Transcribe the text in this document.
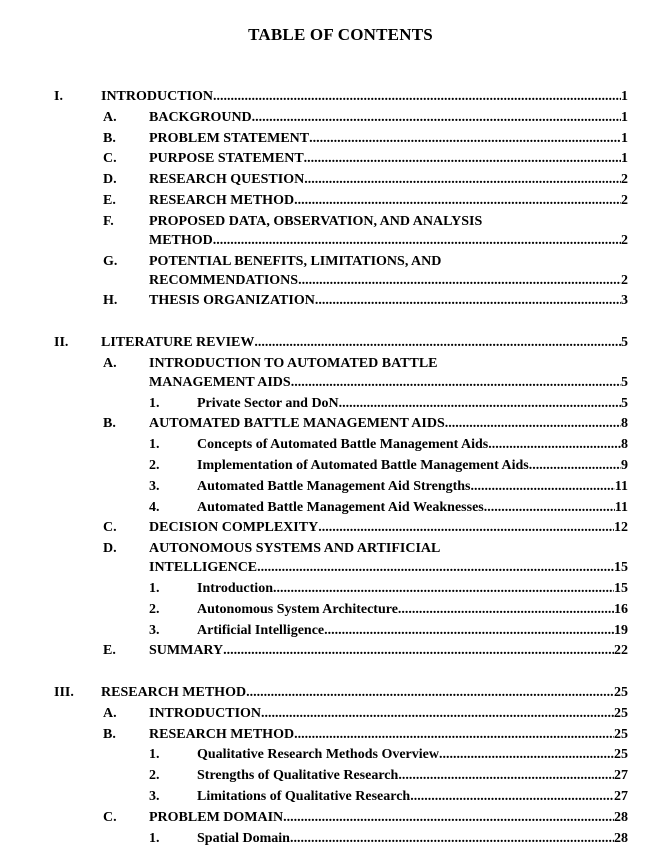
TABLE OF CONTENTS
I.	INTRODUCTION .....	1
A. BACKGROUND .....	1
B. PROBLEM STATEMENT .....	1
C. PURPOSE STATEMENT .....	1
D. RESEARCH QUESTION .....	2
E. RESEARCH METHOD .....	2
F.	PROPOSED DATA, OBSERVATION, AND ANALYSIS
METHOD .....	2
G. POTENTIAL BENEFITS, LIMITATIONS, AND
RECOMMENDATIONS .....	2
H. THESIS ORGANIZATION .....	3
II. LITERATURE REVIEW .....	5
A. INTRODUCTION TO AUTOMATED BATTLE
MANAGEMENT AIDS .....	5
1.	Private Sector and DoN .....	5
B. AUTOMATED BATTLE MANAGEMENT AIDS .....	8
1.	Concepts of Automated Battle Management Aids .....	8
2.	Implementation of Automated Battle Management Aids .....	9
3.	Automated Battle Management Aid Strengths .....	11
4.	Automated Battle Management Aid Weaknesses .....	11
C. DECISION COMPLEXITY .....	12
D. AUTONOMOUS SYSTEMS AND ARTIFICIAL
INTELLIGENCE .....	15
1.	Introduction .....	15
2.	Autonomous System Architecture .....	16
3.	Artificial Intelligence .....	19
E. SUMMARY .....	22
III. RESEARCH METHOD .....	25
A. INTRODUCTION .....	25
B. RESEARCH METHOD .....	25
1.	Qualitative Research Methods Overview .....	25
2.	Strengths of Qualitative Research .....	27
3.	Limitations of Qualitative Research .....	27
C. PROBLEM DOMAIN .....	28
1.	Spatial Domain .....	28
